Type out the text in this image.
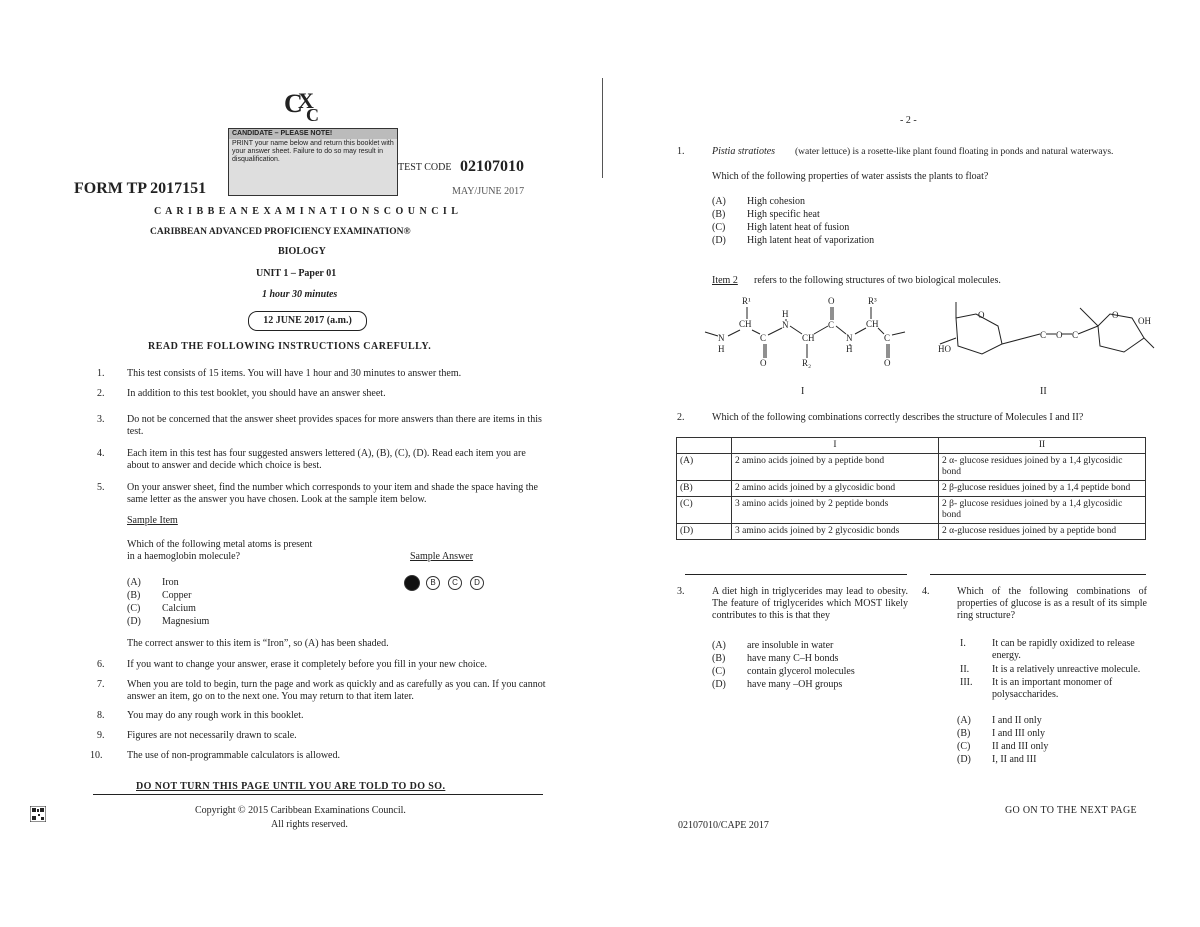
C
X
C
CANDIDATE – PLEASE NOTE!
PRINT your name below and return this booklet with your answer sheet. Failure to do so may result in disqualification.
TEST CODE 02107010
MAY/JUNE 2017
FORM TP 2017151
C A R I B B E A N E X A M I N A T I O N S C O U N C I L
CARIBBEAN ADVANCED PROFICIENCY EXAMINATION®
BIOLOGY
UNIT 1 – Paper 01
1 hour 30 minutes
12 JUNE 2017 (a.m.)
READ THE FOLLOWING INSTRUCTIONS CAREFULLY.
1. This test consists of 15 items. You will have 1 hour and 30 minutes to answer them.
2. In addition to this test booklet, you should have an answer sheet.
3. Do not be concerned that the answer sheet provides spaces for more answers than there are items in this test.
4. Each item in this test has four suggested answers lettered (A), (B), (C), (D). Read each item you are about to answer and decide which choice is best.
5. On your answer sheet, find the number which corresponds to your item and shade the space having the same letter as the answer you have chosen. Look at the sample item below.
Sample Item
Which of the following metal atoms is present
in a haemoglobin molecule?	Sample Answer
(A) Iron
(B) Copper
(C) Calcium
(D) Magnesium
B	C	D
The correct answer to this item is “Iron”, so (A) has been shaded.
6. If you want to change your answer, erase it completely before you fill in your new choice.
7. When you are told to begin, turn the page and work as quickly and as carefully as you can. If you cannot answer an item, go on to the next one. You may return to that item later.
8. You may do any rough work in this booklet.
9. Figures are not necessarily drawn to scale.
10. The use of non-programmable calculators is allowed.
DO NOT TURN THIS PAGE UNTIL YOU ARE TOLD TO DO SO.
Copyright © 2015 Caribbean Examinations Council.
All rights reserved.
- 2 -
1.	Pistia stratiotes (water lettuce) is a rosette-like plant found floating in ponds and natural waterways.
Which of the following properties of water assists the plants to float?
(A) High cohesion
(B) High specific heat
(C) High latent heat of fusion
(D) High latent heat of vaporization
Item 2 refers to the following structures of two biological molecules.
R¹
H
O	R³
CH	N	C	CH
N	C	CH	N	C
H	H
O	R₂	O
I
O
C O C
O
OH
HO
II
2.	Which of the following combinations correctly describes the structure of Molecules I and II?
3.	A diet high in triglycerides may lead to obesity. The feature of triglycerides which MOST likely contributes to this is that they
(A) are insoluble in water
(B) have many C–H bonds
(C) contain glycerol molecules
(D) have many –OH groups
4.	Which of the following combinations of properties of glucose is as a result of its simple ring structure?
I.	It can be rapidly oxidized to release energy.
II. It is a relatively unreactive molecule.
III. It is an important monomer of polysaccharides.
(A) I and II only
(B) I and III only
(C) II and III only
(D) I, II and III
GO ON TO THE NEXT PAGE
02107010/CAPE 2017
	I	II
(A)	2 amino acids joined by a peptide bond	2 α- glucose residues joined by a 1,4 glycosidic bond
(B)	2 amino acids joined by a glycosidic bond	2 β-glucose residues joined by a 1,4 peptide bond
(C)	3 amino acids joined by 2 peptide bonds	2 β- glucose residues joined by a 1,4 glycosidic bond
(D)	3 amino acids joined by 2 glycosidic bonds	2 α-glucose residues joined by a peptide bond
